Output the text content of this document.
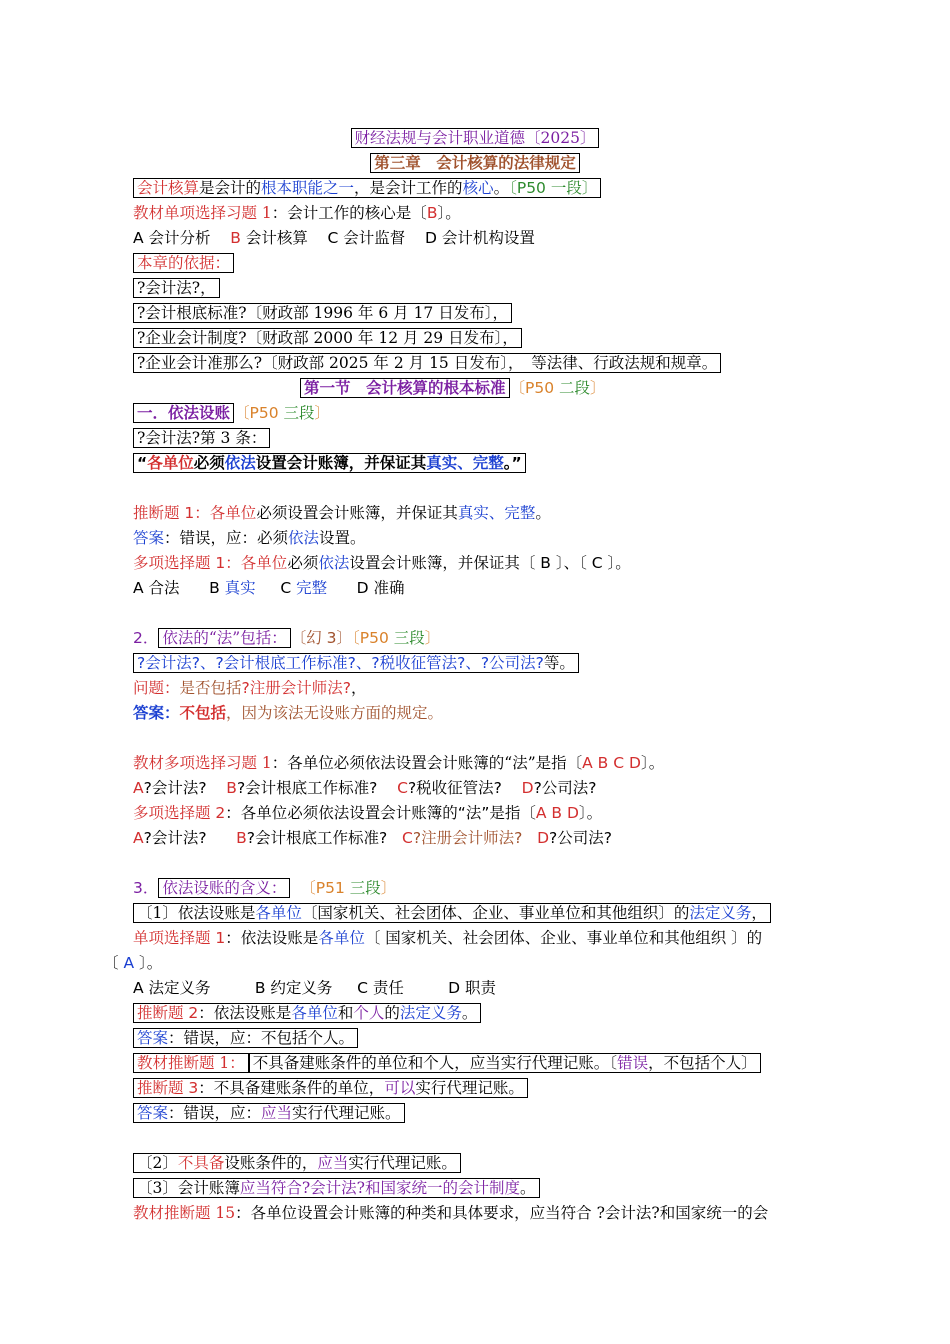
财经法规与会计职业道德〔2025〕
第三章　会计核算的法律规定
会计核算是会计的根本职能之一，是会计工作的核心。〔P50 一段〕
教材单项选择习题 1：会计工作的核心是〔B〕。
A 会计分析 B 会计核算 C 会计监督 D 会计机构设置
本章的依据：
?会计法?，
?会计根底标准?〔财政部 1996 年 6 月 17 日发布〕，
?企业会计制度?〔财政部 2000 年 12 月 29 日发布〕，
?企业会计准那么?〔财政部 2025 年 2 月 15 日发布〕，　等法律、行政法规和规章。
第一节　会计核算的根本标准 〔P50 二段〕
一．依法设账 〔P50 三段〕
?会计法?第 3 条：
“各单位必须依法设置会计账簿，并保证其真实、完整。”
推断题 1：各单位必须设置会计账簿，并保证其真实、完整。
答案：错误，应：必须依法设置。
多项选择题 1：各单位必须依法设置会计账簿，并保证其〔 B 〕、〔 C 〕。
A 合法 B 真实 C 完整 D 准确
2． 依法的“法”包括： 〔幻 3〕〔P50 三段〕
?会计法?、?会计根底工作标准?、?税收征管法?、?公司法?等。
问题：是否包括?注册会计师法?，
答案：不包括，因为该法无设账方面的规定。
教材多项选择习题 1：各单位必须依法设置会计账簿的“法”是指〔A B C D〕。
A?会计法? B?会计根底工作标准? C?税收征管法? D?公司法?
多项选择题 2：各单位必须依法设置会计账簿的“法”是指〔A B D〕。
A?会计法? B?会计根底工作标准? C?注册会计师法? D?公司法?
3． 依法设账的含义： 〔P51 三段〕
〔1〕依法设账是各单位〔国家机关、社会团体、企业、事业单位和其他组织〕的法定义务，
单项选择题 1：依法设账是各单位〔 国家机关、社会团体、企业、事业单位和其他组织 〕的
〔 A 〕。
A 法定义务	B 约定义务 C 责任	D 职责
推断题 2：依法设账是各单位和个人的法定义务。
答案：错误，应：不包括个人。
教材推断题 1： 不具备建账条件的单位和个人，应当实行代理记账。〔错误，不包括个人〕
推断题 3：不具备建账条件的单位，可以实行代理记账。
答案：错误，应：应当实行代理记账。
〔2〕不具备设账条件的，应当实行代理记账。
〔3〕会计账簿应当符合?会计法?和国家统一的会计制度。
教材推断题 15：各单位设置会计账簿的种类和具体要求，应当符合 ?会计法?和国家统一的会
